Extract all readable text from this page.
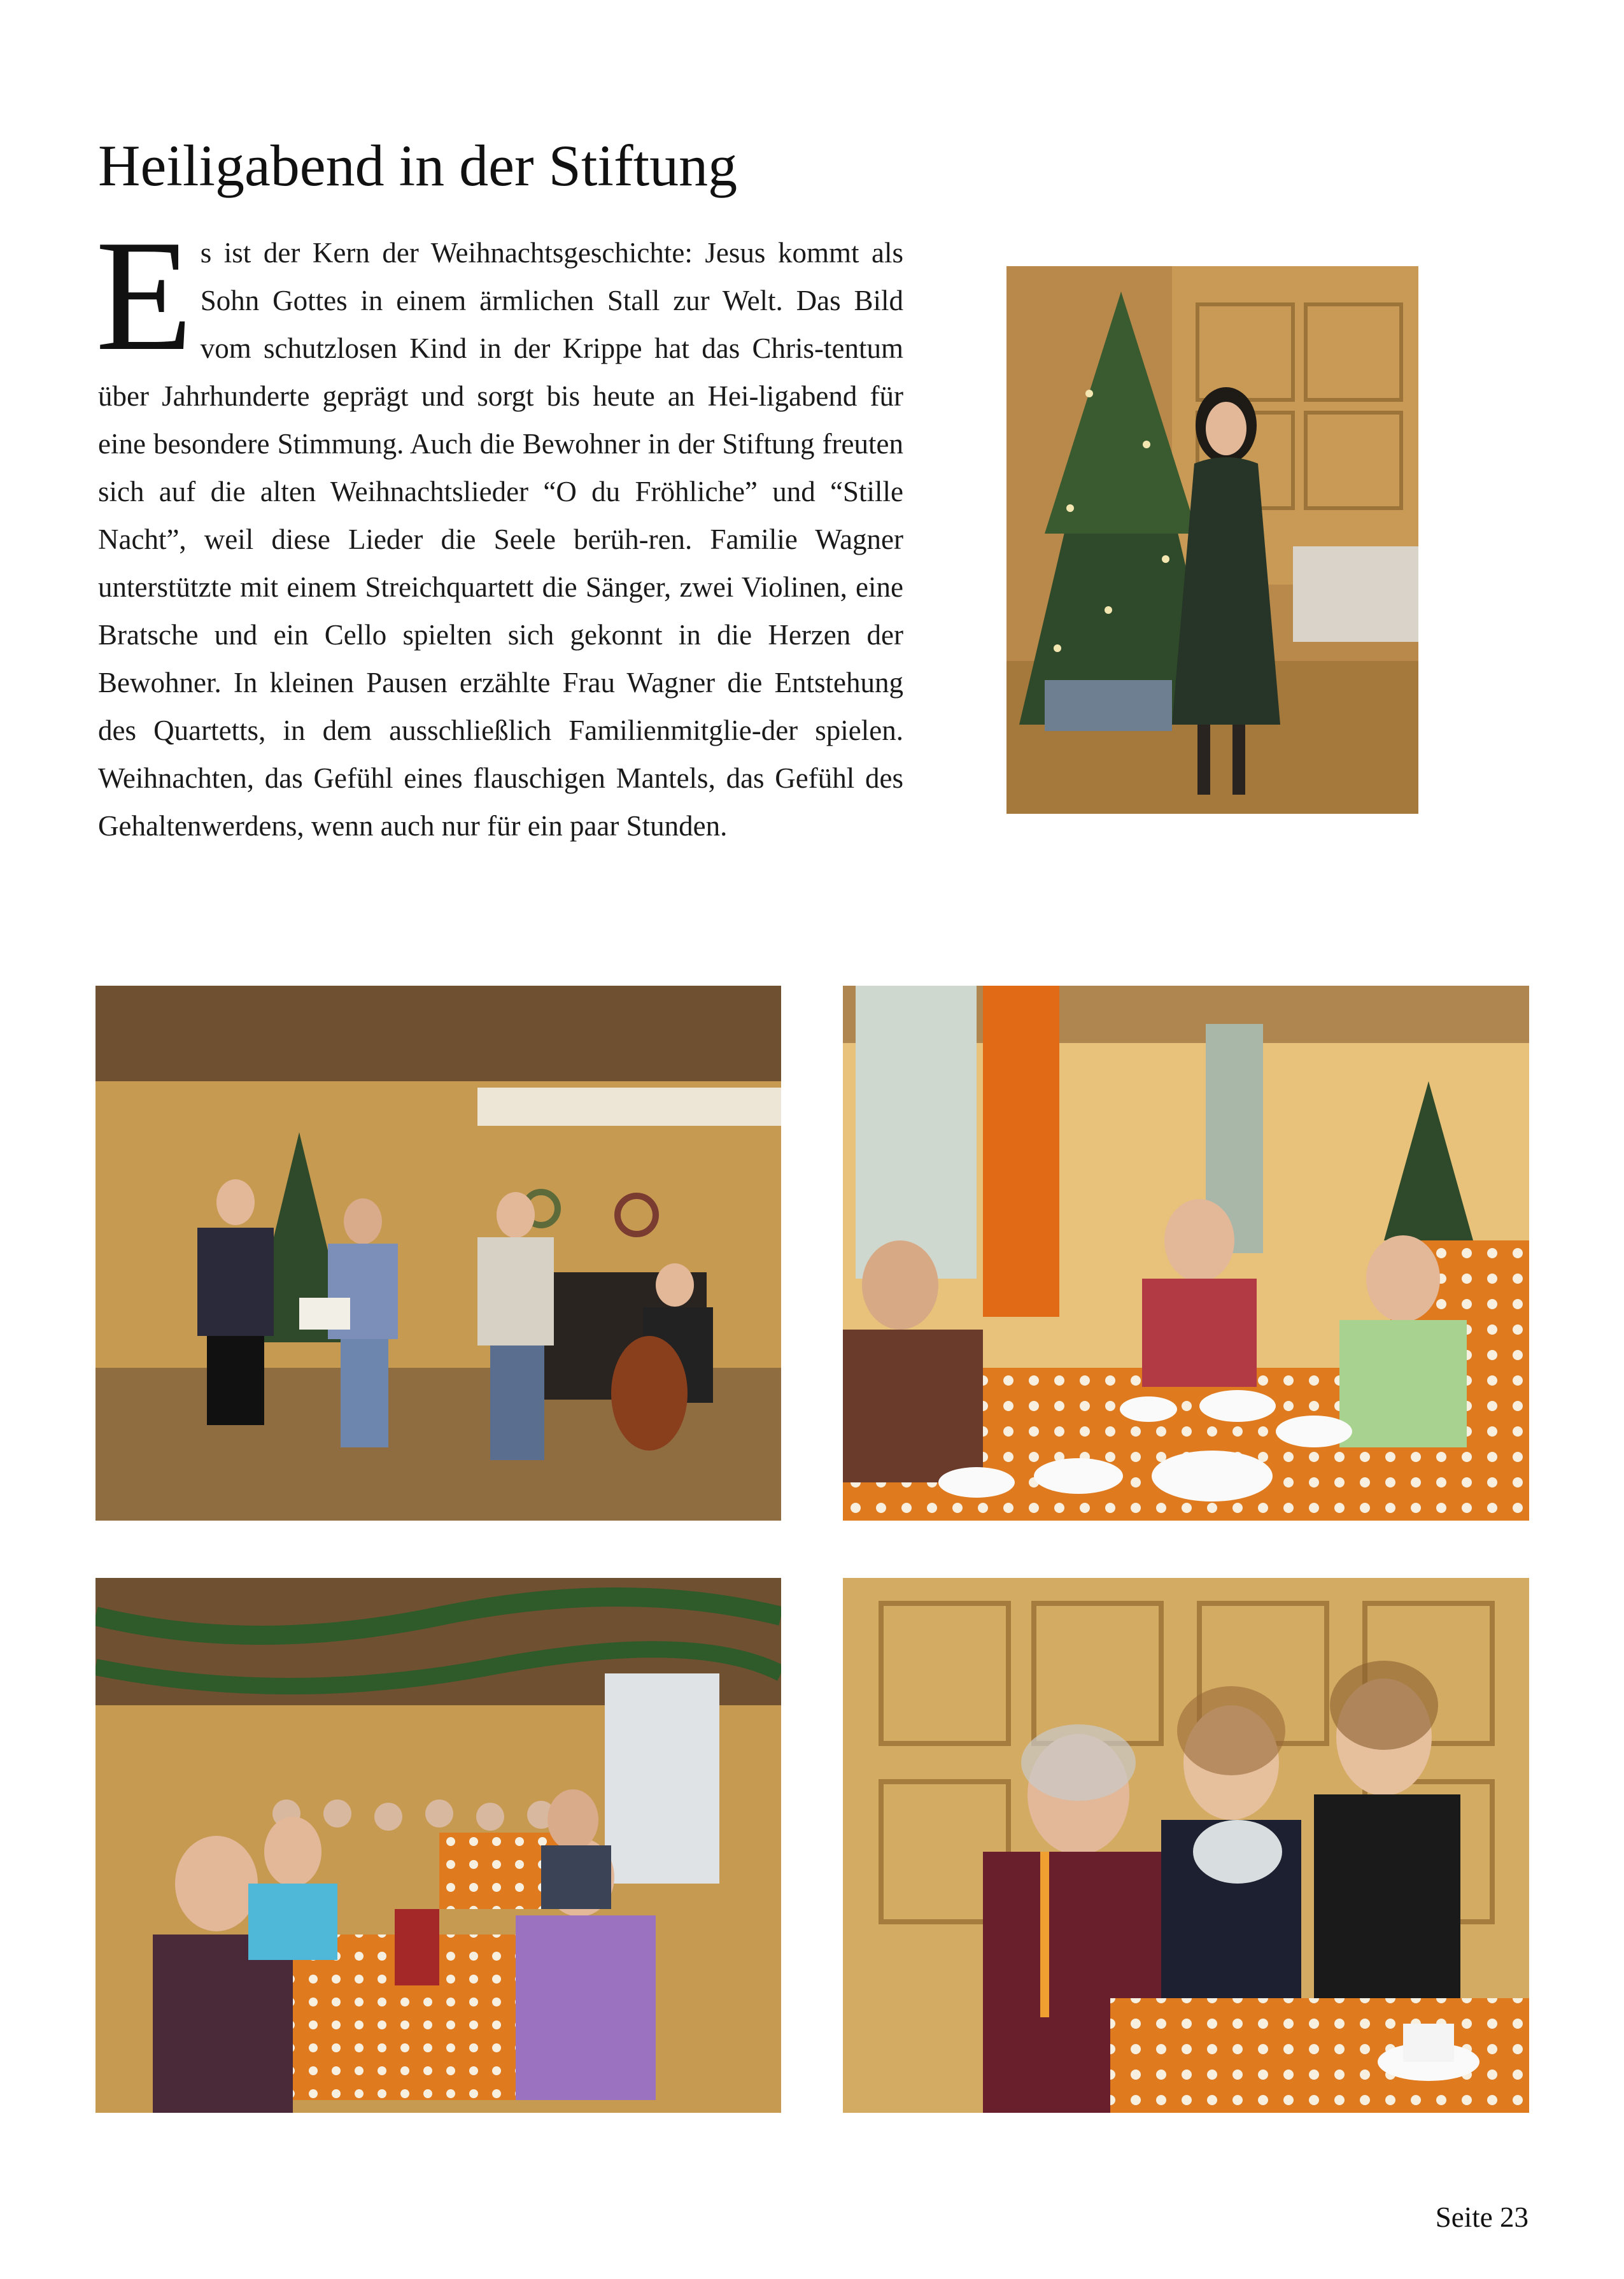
Heiligabend in der Stiftung

Es ist der Kern der Weihnachtsgeschichte: Jesus kommt als Sohn Gottes in einem ärmlichen Stall zur Welt. Das Bild vom schutzlosen Kind in der Krippe hat das Chris-tentum über Jahrhunderte geprägt und sorgt bis heute an Hei-ligabend für eine besondere Stimmung. Auch die Bewohner in der Stiftung freuten sich auf die alten Weihnachtslieder “O du Fröhliche” und “Stille Nacht”, weil diese Lieder die Seele berüh-ren. Familie Wagner unterstützte mit einem Streichquartett die Sänger, zwei Violinen, eine Bratsche und ein Cello spielten sich gekonnt in die Herzen der Bewohner. In kleinen Pausen erzählte Frau Wagner die Entstehung des Quartetts, in dem ausschließlich Familienmitglie-der spielen. Weihnachten, das Gefühl eines flauschigen Mantels, das Gefühl des Gehaltenwerdens, wenn auch nur für ein paar Stunden.

Seite 23
